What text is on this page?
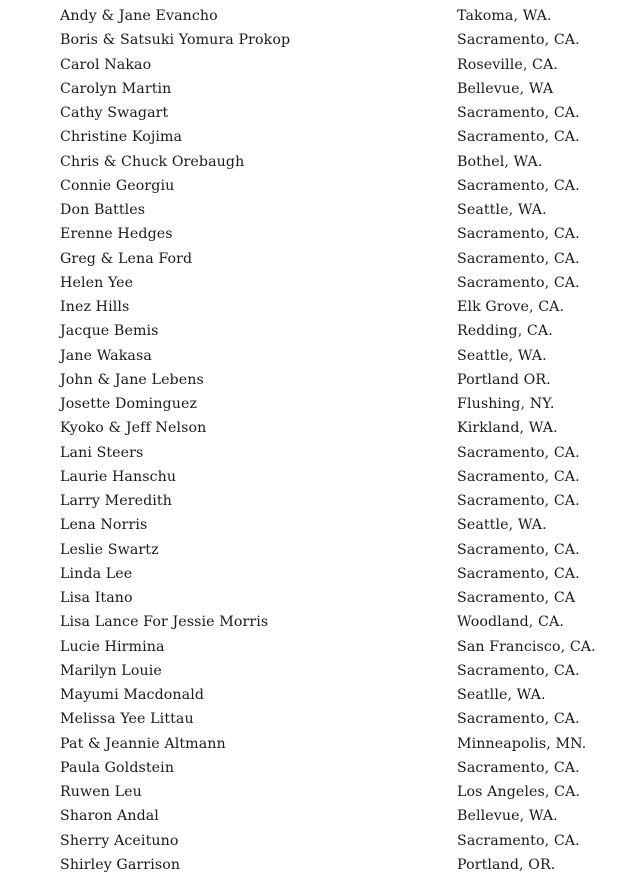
Andy & Jane Evancho	Takoma, WA.
Boris & Satsuki Yomura Prokop	Sacramento, CA.
Carol Nakao	Roseville, CA.
Carolyn Martin	Bellevue, WA
Cathy Swagart	Sacramento, CA.
Christine Kojima	Sacramento, CA.
Chris & Chuck Orebaugh	Bothel, WA.
Connie Georgiu	Sacramento, CA.
Don Battles	Seattle, WA.
Erenne Hedges	Sacramento, CA.
Greg & Lena Ford	Sacramento, CA.
Helen Yee	Sacramento, CA.
Inez Hills	Elk Grove, CA.
Jacque Bemis	Redding, CA.
Jane Wakasa	Seattle, WA.
John & Jane Lebens	Portland OR.
Josette Dominguez	Flushing, NY.
Kyoko & Jeff Nelson	Kirkland, WA.
Lani Steers	Sacramento, CA.
Laurie Hanschu	Sacramento, CA.
Larry Meredith	Sacramento, CA.
Lena Norris	Seattle, WA.
Leslie Swartz	Sacramento, CA.
Linda Lee	Sacramento, CA.
Lisa Itano	Sacramento, CA
Lisa Lance For Jessie Morris	Woodland, CA.
Lucie Hirmina	San Francisco, CA.
Marilyn Louie	Sacramento, CA.
Mayumi Macdonald	Seatlle, WA.
Melissa Yee Littau	Sacramento, CA.
Pat & Jeannie Altmann	Minneapolis, MN.
Paula Goldstein	Sacramento, CA.
Ruwen Leu	Los Angeles, CA.
Sharon Andal	Bellevue, WA.
Sherry Aceituno	Sacramento, CA.
Shirley Garrison	Portland, OR.
